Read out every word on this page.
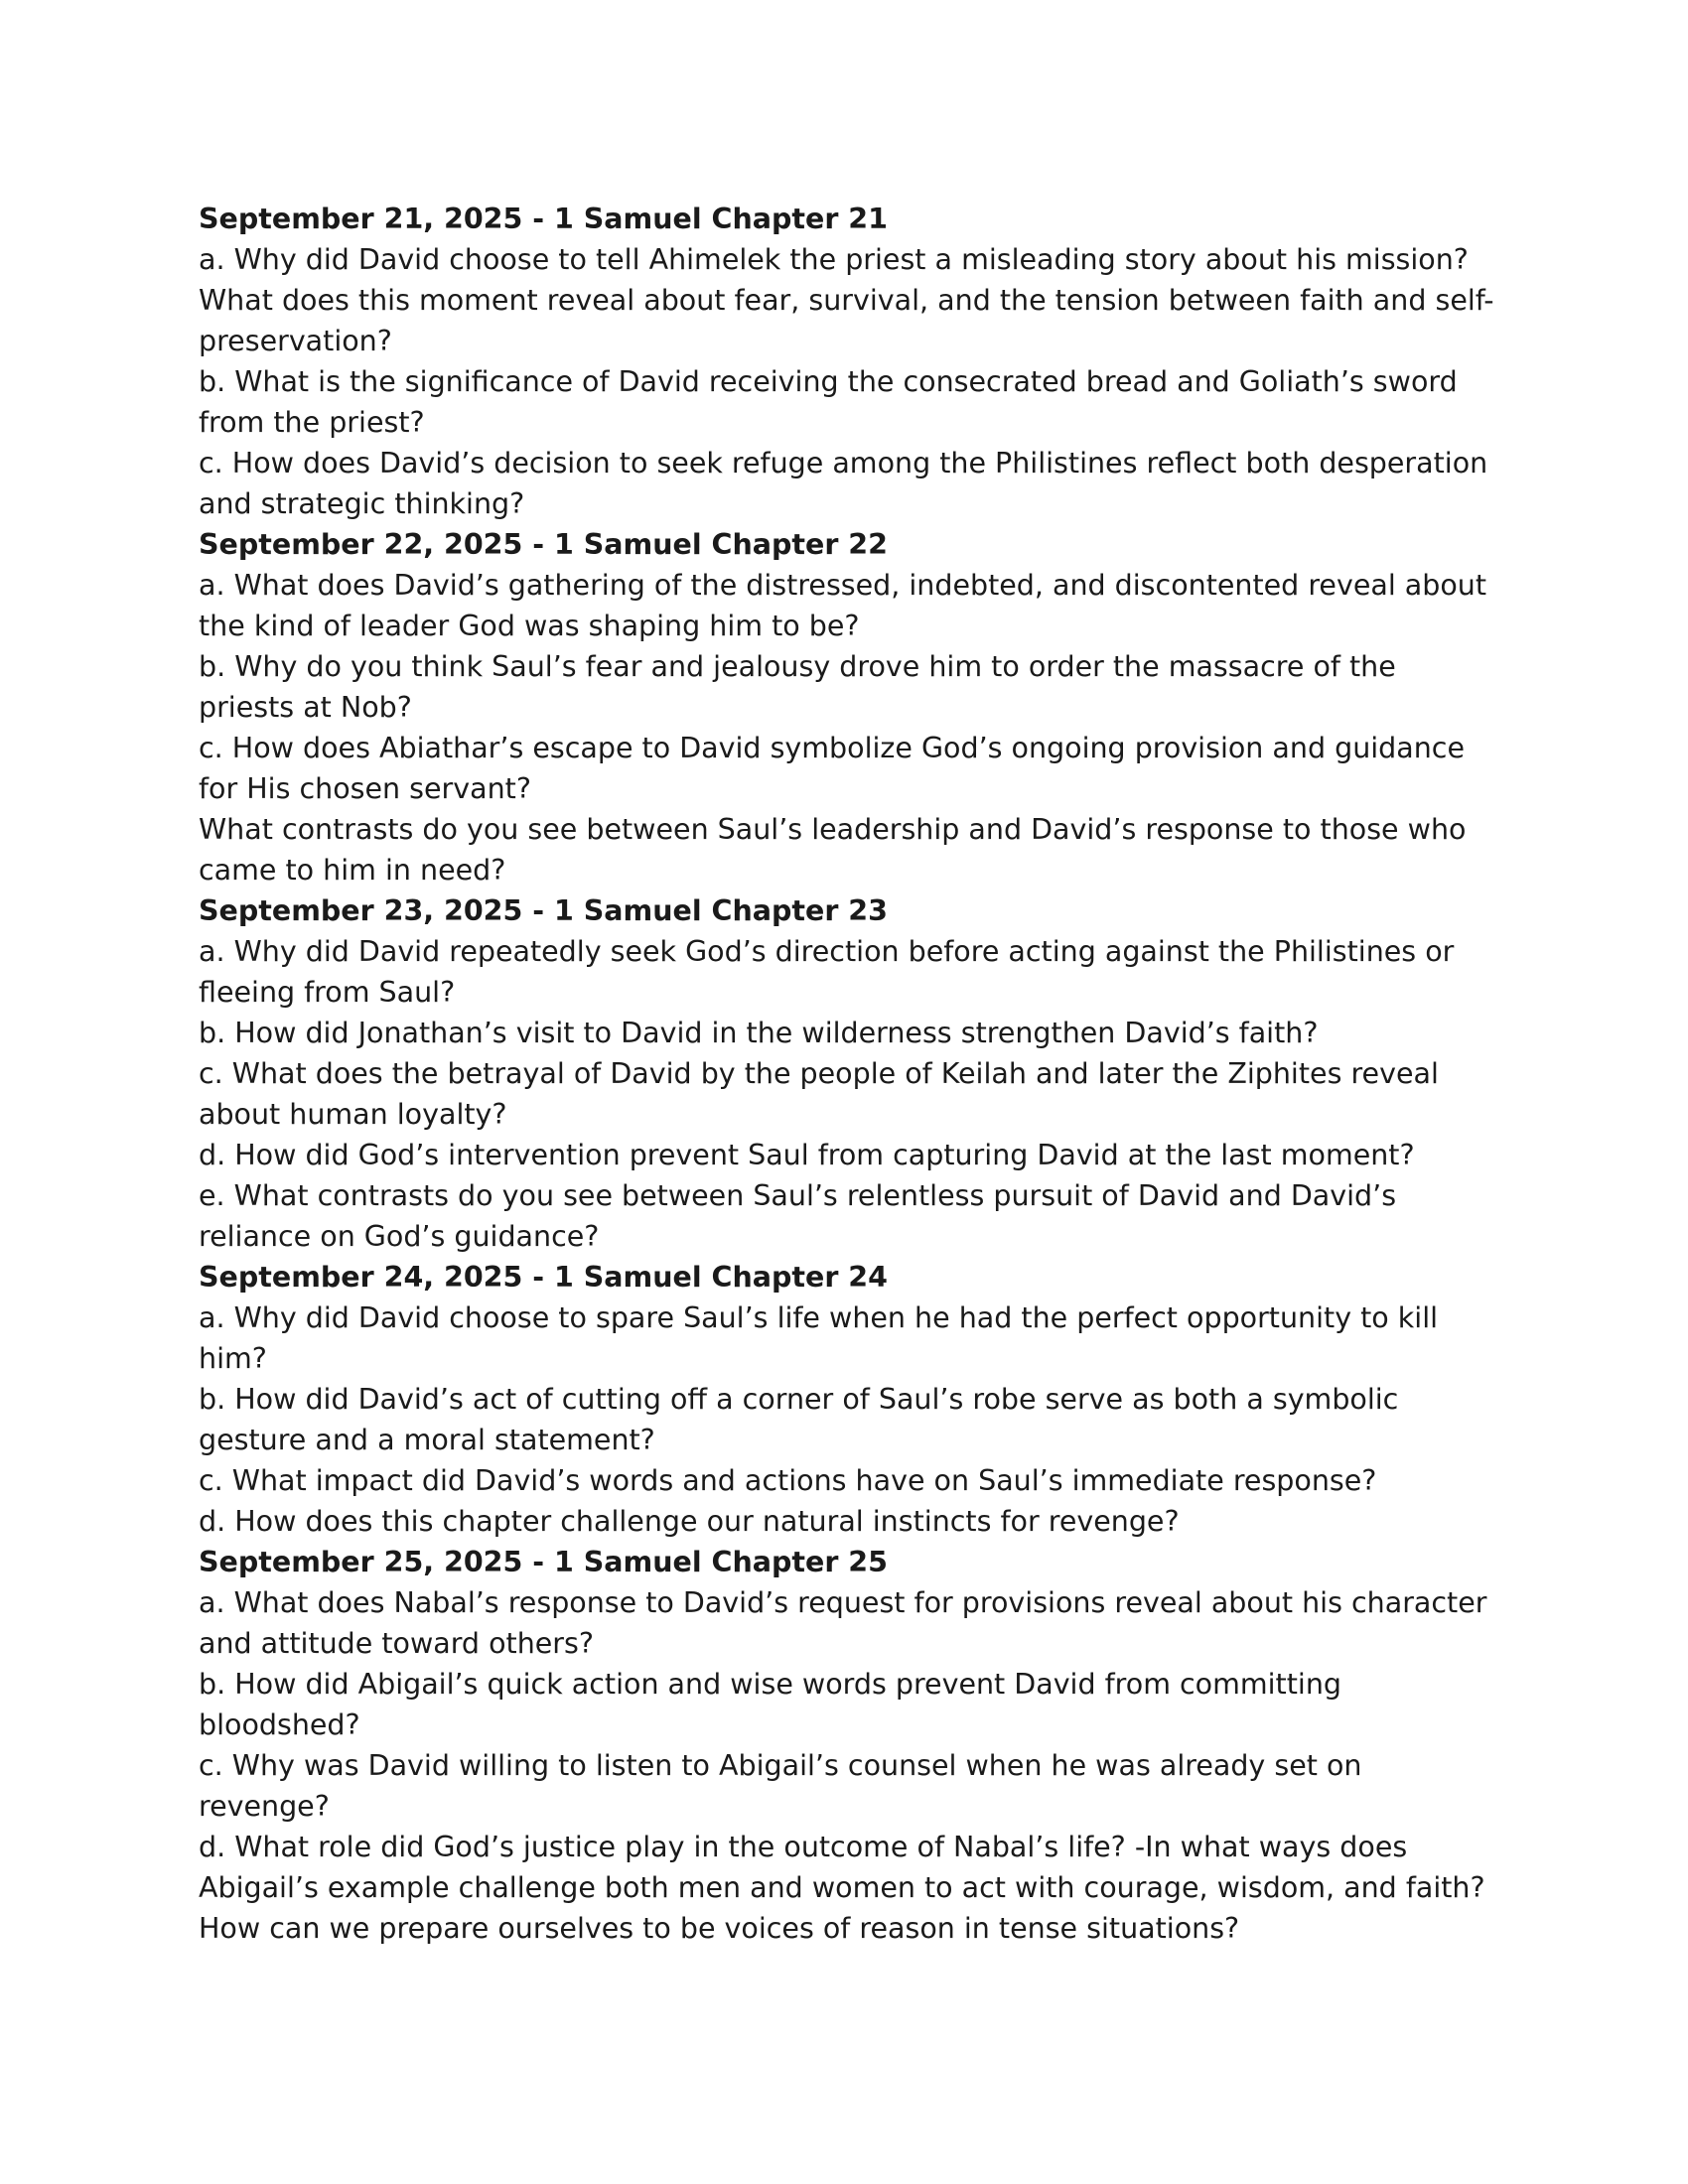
September 21, 2025 - 1 Samuel Chapter 21

a. Why did David choose to tell Ahimelek the priest a misleading story about his mission? What does this moment reveal about fear, survival, and the tension between faith and self-preservation?

b. What is the significance of David receiving the consecrated bread and Goliath’s sword from the priest?

c. How does David’s decision to seek refuge among the Philistines reflect both desperation and strategic thinking?

September 22, 2025 - 1 Samuel Chapter 22

a. What does David’s gathering of the distressed, indebted, and discontented reveal about the kind of leader God was shaping him to be?

b. Why do you think Saul’s fear and jealousy drove him to order the massacre of the priests at Nob?

c. How does Abiathar’s escape to David symbolize God’s ongoing provision and guidance for His chosen servant?

What contrasts do you see between Saul’s leadership and David’s response to those who came to him in need?

September 23, 2025 - 1 Samuel Chapter 23

a. Why did David repeatedly seek God’s direction before acting against the Philistines or fleeing from Saul?

b. How did Jonathan’s visit to David in the wilderness strengthen David’s faith?

c. What does the betrayal of David by the people of Keilah and later the Ziphites reveal about human loyalty?

d. How did God’s intervention prevent Saul from capturing David at the last moment?

e. What contrasts do you see between Saul’s relentless pursuit of David and David’s reliance on God’s guidance?

September 24, 2025 - 1 Samuel Chapter 24

a. Why did David choose to spare Saul’s life when he had the perfect opportunity to kill him?

b. How did David’s act of cutting off a corner of Saul’s robe serve as both a symbolic gesture and a moral statement?

c. What impact did David’s words and actions have on Saul’s immediate response?

d. How does this chapter challenge our natural instincts for revenge?

September 25, 2025 - 1 Samuel Chapter 25

a. What does Nabal’s response to David’s request for provisions reveal about his character and attitude toward others?

b. How did Abigail’s quick action and wise words prevent David from committing bloodshed?

c. Why was David willing to listen to Abigail’s counsel when he was already set on revenge?

d. What role did God’s justice play in the outcome of Nabal’s life? -In what ways does Abigail’s example challenge both men and women to act with courage, wisdom, and faith? How can we prepare ourselves to be voices of reason in tense situations?
